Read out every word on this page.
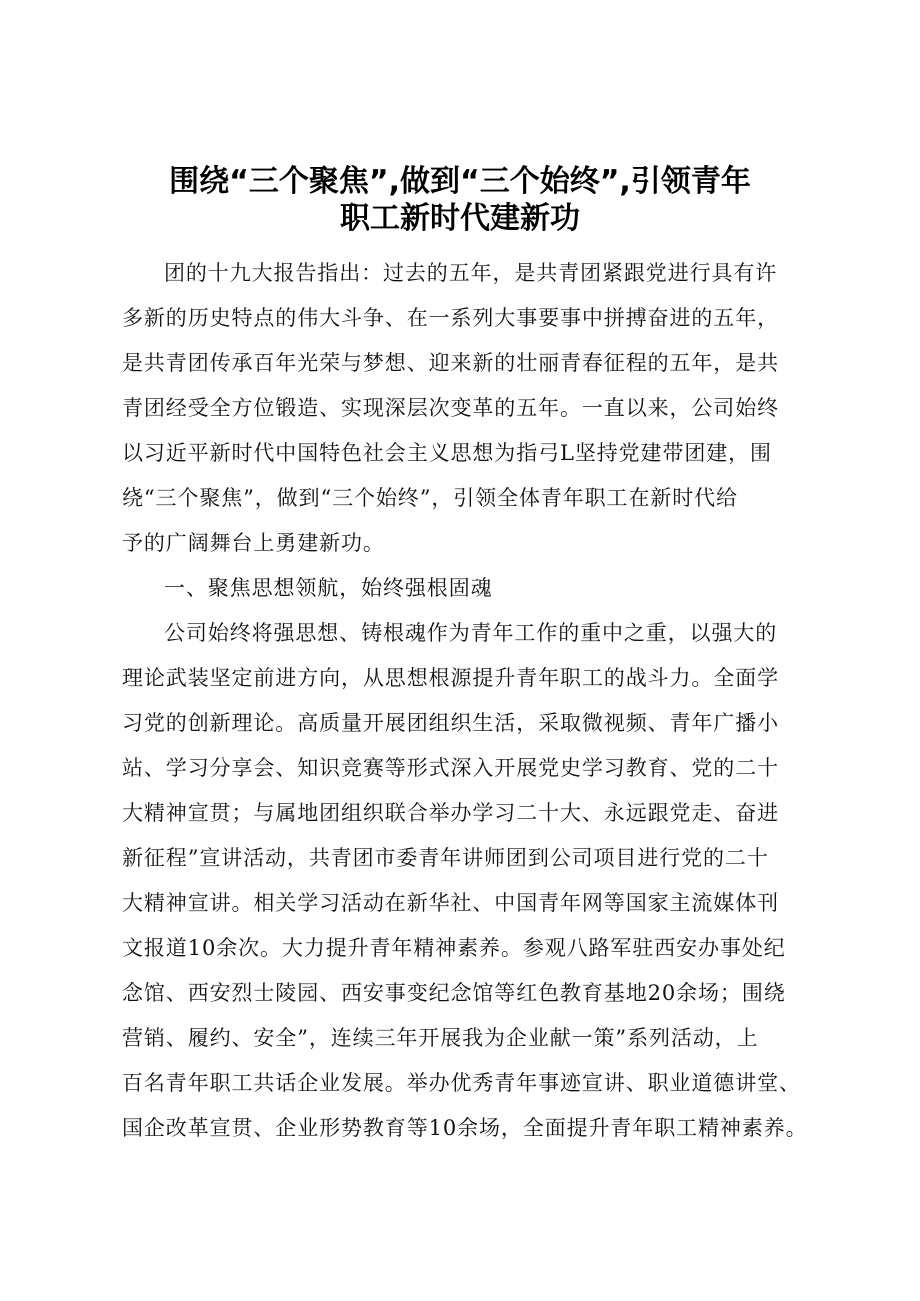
围绕“三个聚焦”,做到“三个始终”,引领青年
职工新时代建新功
团的十九大报告指出：过去的五年，是共青团紧跟党进行具有许
多新的历史特点的伟大斗争、在一系列大事要事中拼搏奋进的五年，
是共青团传承百年光荣与梦想、迎来新的壮丽青春征程的五年，是共
青团经受全方位锻造、实现深层次变革的五年。一直以来，公司始终
以习近平新时代中国特色社会主义思想为指弓L坚持党建带团建，围
绕“三个聚焦”，做到“三个始终”，引领全体青年职工在新时代给
予的广阔舞台上勇建新功。
一、聚焦思想领航，始终强根固魂
公司始终将强思想、铸根魂作为青年工作的重中之重，以强大的
理论武装坚定前进方向，从思想根源提升青年职工的战斗力。全面学
习党的创新理论。高质量开展团组织生活，采取微视频、青年广播小
站、学习分享会、知识竞赛等形式深入开展党史学习教育、党的二十
大精神宣贯；与属地团组织联合举办学习二十大、永远跟党走、奋进
新征程”宣讲活动，共青团市委青年讲师团到公司项目进行党的二十
大精神宣讲。相关学习活动在新华社、中国青年网等国家主流媒体刊
文报道10余次。大力提升青年精神素养。参观八路军驻西安办事处纪
念馆、西安烈士陵园、西安事变纪念馆等红色教育基地20余场；围绕
营销、履约、安全”，连续三年开展我为企业献一策”系列活动，上
百名青年职工共话企业发展。举办优秀青年事迹宣讲、职业道德讲堂、
国企改革宣贯、企业形势教育等10余场，全面提升青年职工精神素养。
